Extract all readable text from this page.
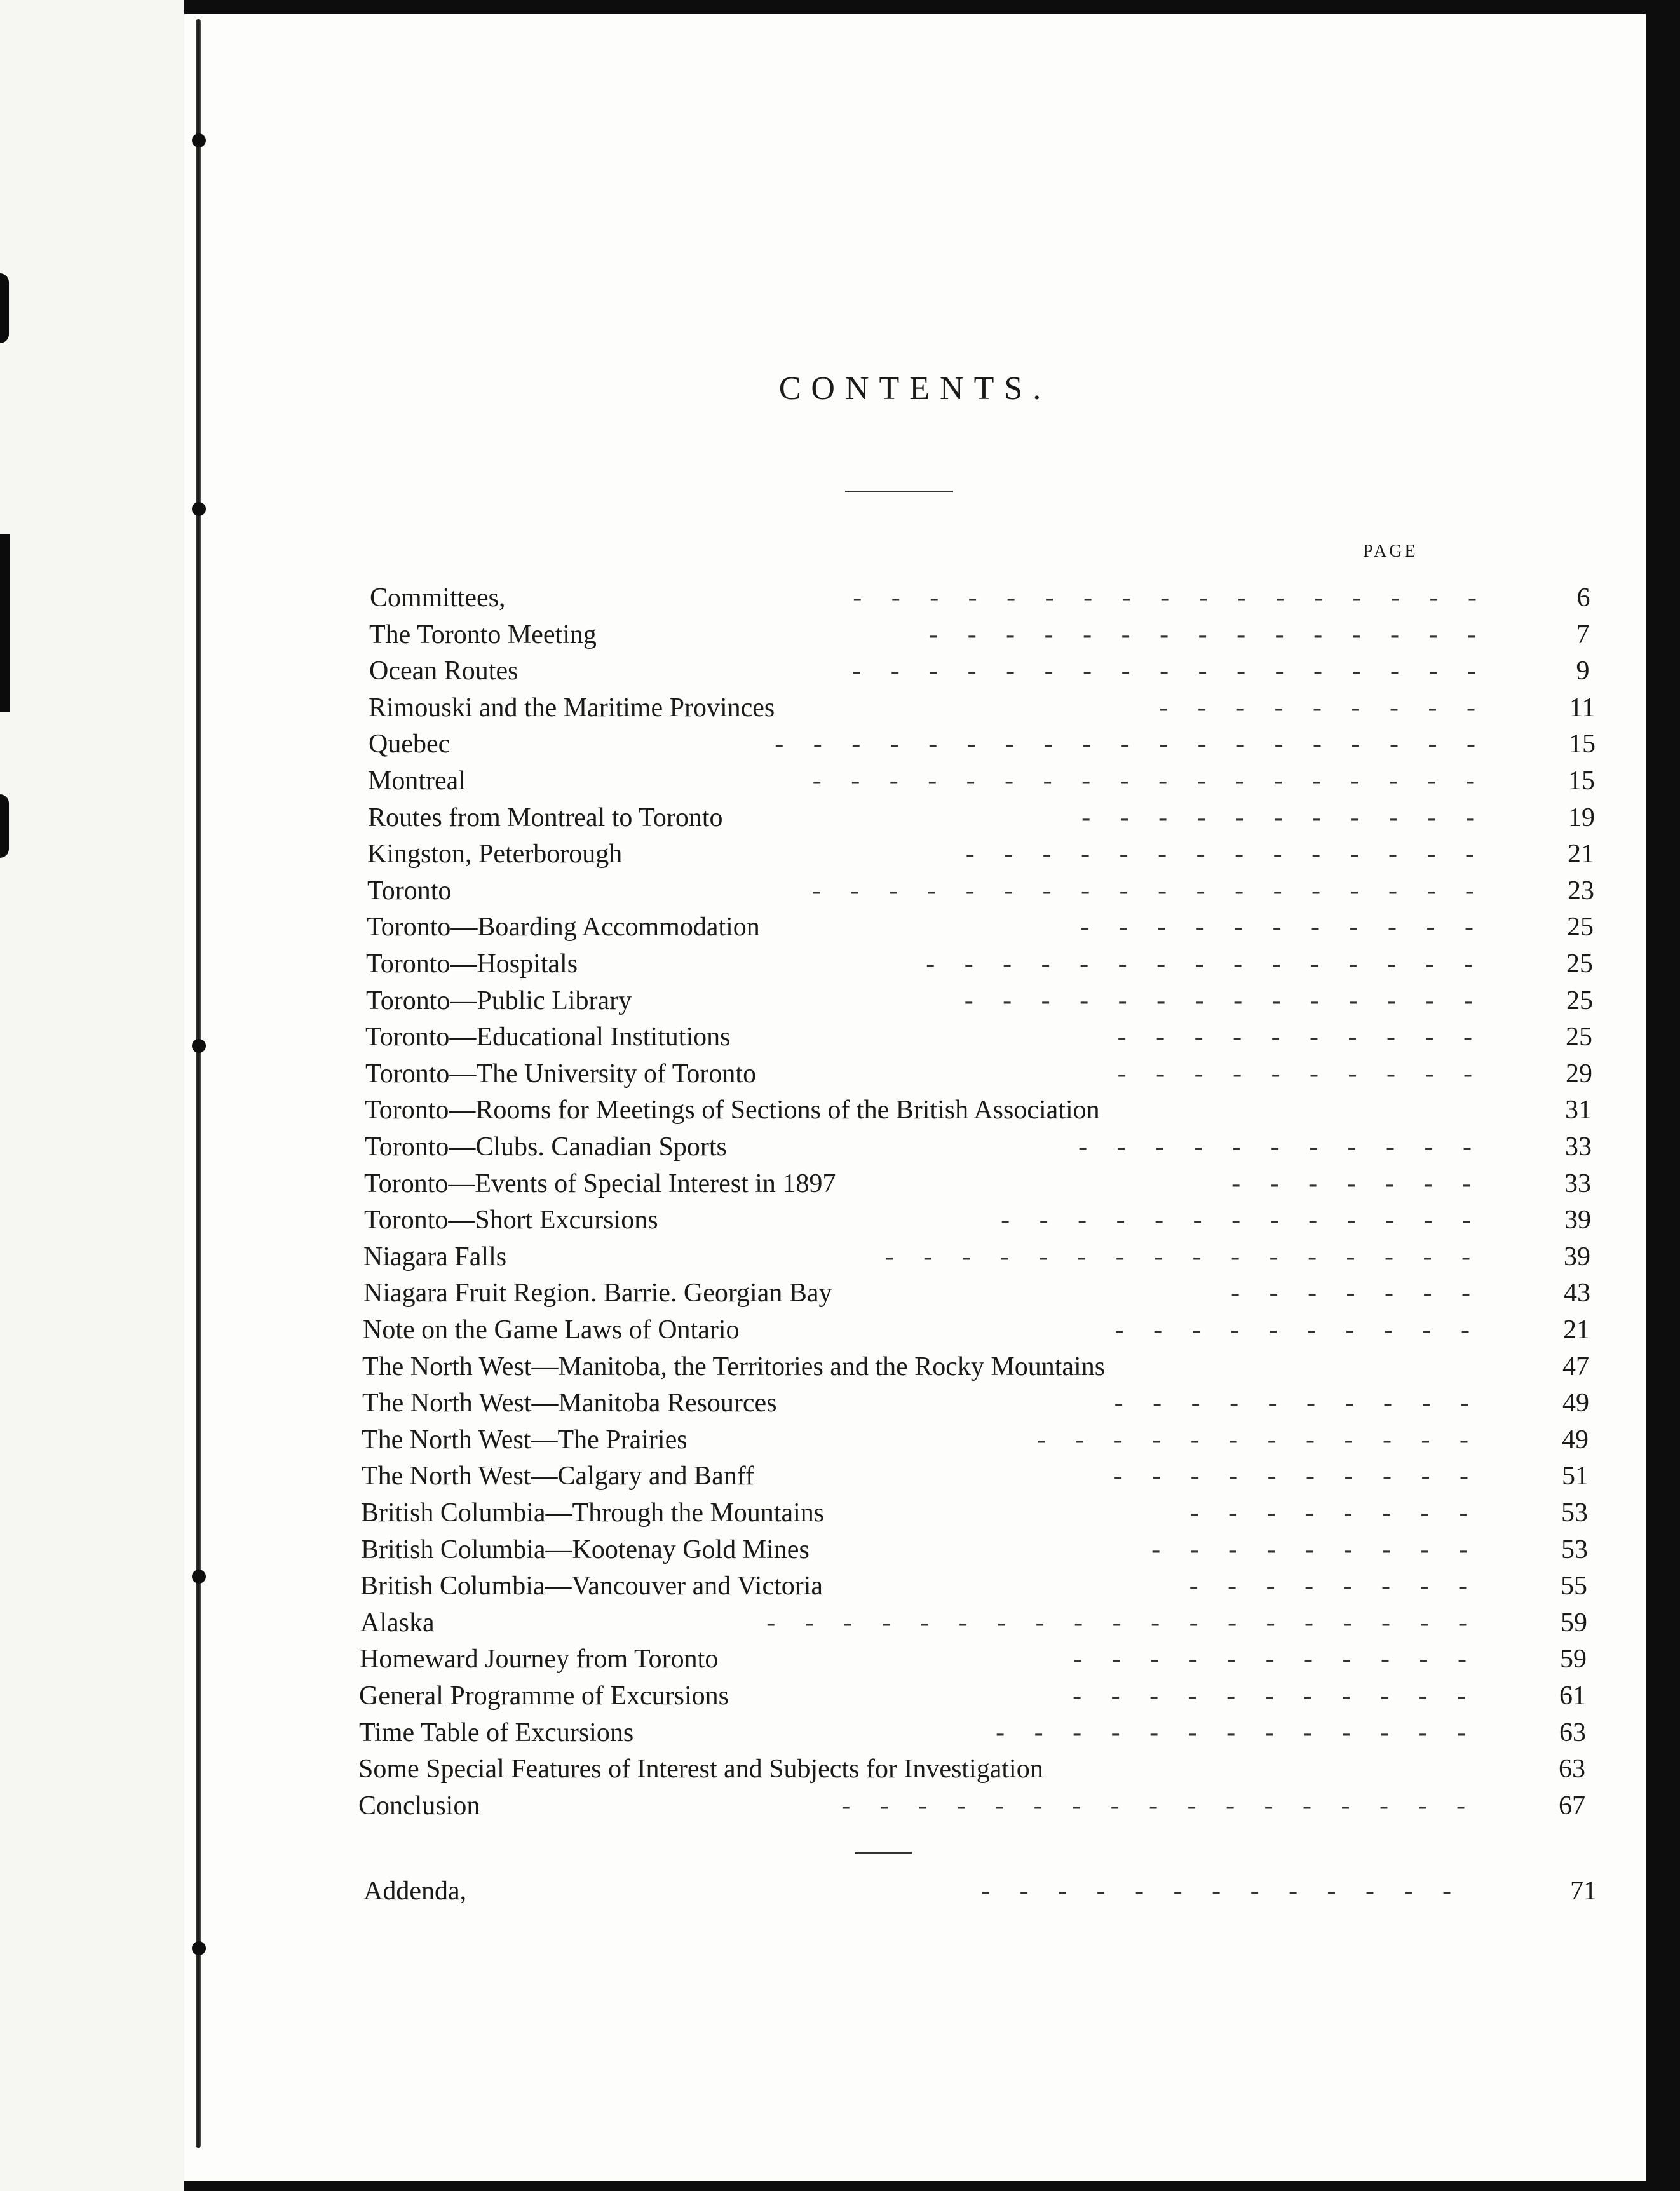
CONTENTS.
PAGE
Committees,	- - - - - - - - - - - - - - - - -	6
The Toronto Meeting	- - - - - - - - - - - - - - -	7
Ocean Routes	- - - - - - - - - - - - - - - - -	9
Rimouski and the Maritime Provinces	- - - - - - - - -	11
Quebec	- - - - - - - - - - - - - - - - - - -	15
Montreal	- - - - - - - - - - - - - - - - - -	15
Routes from Montreal to Toronto	- - - - - - - - - - -	19
Kingston, Peterborough	- - - - - - - - - - - - - -	21
Toronto	- - - - - - - - - - - - - - - - - -	23
Toronto—Boarding Accommodation	- - - - - - - - - - -	25
Toronto—Hospitals	- - - - - - - - - - - - - - -	25
Toronto—Public Library	- - - - - - - - - - - - - -	25
Toronto—Educational Institutions	- - - - - - - - - -	25
Toronto—The University of Toronto	- - - - - - - - - -	29
Toronto—Rooms for Meetings of Sections of the British Association	31
Toronto—Clubs. Canadian Sports	- - - - - - - - - - -	33
Toronto—Events of Special Interest in 1897	- - - - - - -	33
Toronto—Short Excursions	- - - - - - - - - - - - -	39
Niagara Falls	- - - - - - - - - - - - - - - -	39
Niagara Fruit Region. Barrie. Georgian Bay	- - - - - - -	43
Note on the Game Laws of Ontario	- - - - - - - - - -	21
The North West—Manitoba, the Territories and the Rocky Mountains	47
The North West—Manitoba Resources	- - - - - - - - - -	49
The North West—The Prairies	- - - - - - - - - - - -	49
The North West—Calgary and Banff	- - - - - - - - - -	51
British Columbia—Through the Mountains	- - - - - - - -	53
British Columbia—Kootenay Gold Mines	- - - - - - - - -	53
British Columbia—Vancouver and Victoria	- - - - - - - -	55
Alaska	- - - - - - - - - - - - - - - - - - -	59
Homeward Journey from Toronto	- - - - - - - - - - -	59
General Programme of Excursions	- - - - - - - - - - -	61
Time Table of Excursions	- - - - - - - - - - - - -	63
Some Special Features of Interest and Subjects for Investigation	63
Conclusion	- - - - - - - - - - - - - - - - -	67
Addenda,	- - - - - - - - - - - - -	71
